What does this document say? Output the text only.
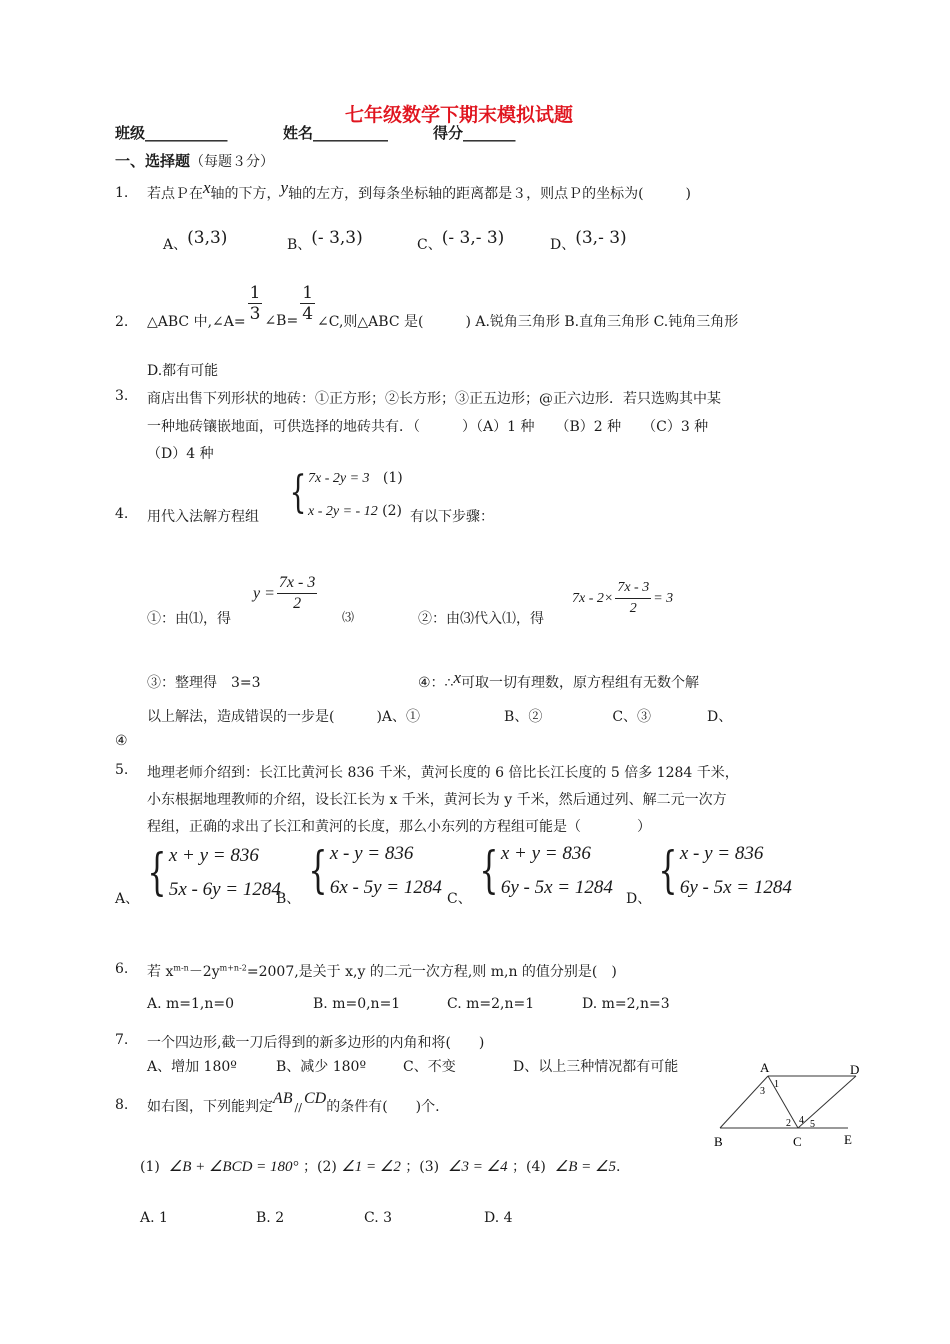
七年级数学下期末模拟试题
班级___________	姓名__________	得分_______
一、选择题（每题３分）
1. 若点Ｐ在x轴的下方，y轴的左方，到每条坐标轴的距离都是３，则点Ｐ的坐标为(　　　)
A、(3,3)	B、(- 3,3)	C、(- 3,- 3)	D、(3,- 3)
2. △ABC 中,∠A= $\frac{1}{3}$ ∠B= $\frac{1}{4}$ ∠C,则△ABC 是(　　　) A.锐角三角形 B.直角三角形 C.钝角三角形
D.都有可能
3. 商店出售下列形状的地砖：①正方形；②长方形；③正五边形；@正六边形．若只选购其中某
一种地砖镶嵌地面，可供选择的地砖共有．（　　　）（A）1 种　　（B）2 种　　（C）3 种
（D）4 种
4. 用代入法解方程组 { 7x - 2y = 3 (1)
x - 2y = - 12 (2) 有以下步骤：
①：由⑴，得
$y = \frac{7x - 3}{2}$
⑶	②：由⑶代入⑴，得
$7x - 2\times \frac{7x - 3}{2} = 3$
③：整理得　3=3	④：∴x可取一切有理数，原方程组有无数个解
以上解法，造成错误的一步是(　　　)A、①　　　　　　B、②　　　　　C、③　　　　D、
④
5. 地理老师介绍到：长江比黄河长 836 千米，黄河长度的 6 倍比长江长度的 5 倍多 1284 千米，
小东根据地理教师的介绍，设长江长为 x 千米，黄河长为 y 千米，然后通过列、解二元一次方
程组，正确的求出了长江和黄河的长度，那么小东列的方程组可能是（　　　　）
A、 { x + y = 836
5x - 6y = 1284
B、 { x - y = 836
6x - 5y = 1284
C、 { x + y = 836
6y - 5x = 1284
D、 { x - y = 836
6y - 5x = 1284
6. 若 $x^{m-n}-2y^{m+n-2}=2007$,是关于 x,y 的二元一次方程,则 m,n 的值分别是(　)
A. m=1,n=0	B. m=0,n=1	C. m=2,n=1	D. m=2,n=3
7. 一个四边形,截一刀后得到的新多边形的内角和将(　　)
A、增加 180º	B、减少 180º	C、不变	D、以上三种情况都有可能
8. 如右图，下列能判定$AB_{//}CD$的条件有(　　)个.
(1) ∠B + ∠BCD = 180° ；(2) ∠1 = ∠2 ；(3) ∠3 = ∠4 ；(4) ∠B = ∠5.
A. 1	B. 2	C. 3	D. 4
A	D
B	C	E
1
3
2 4 5
